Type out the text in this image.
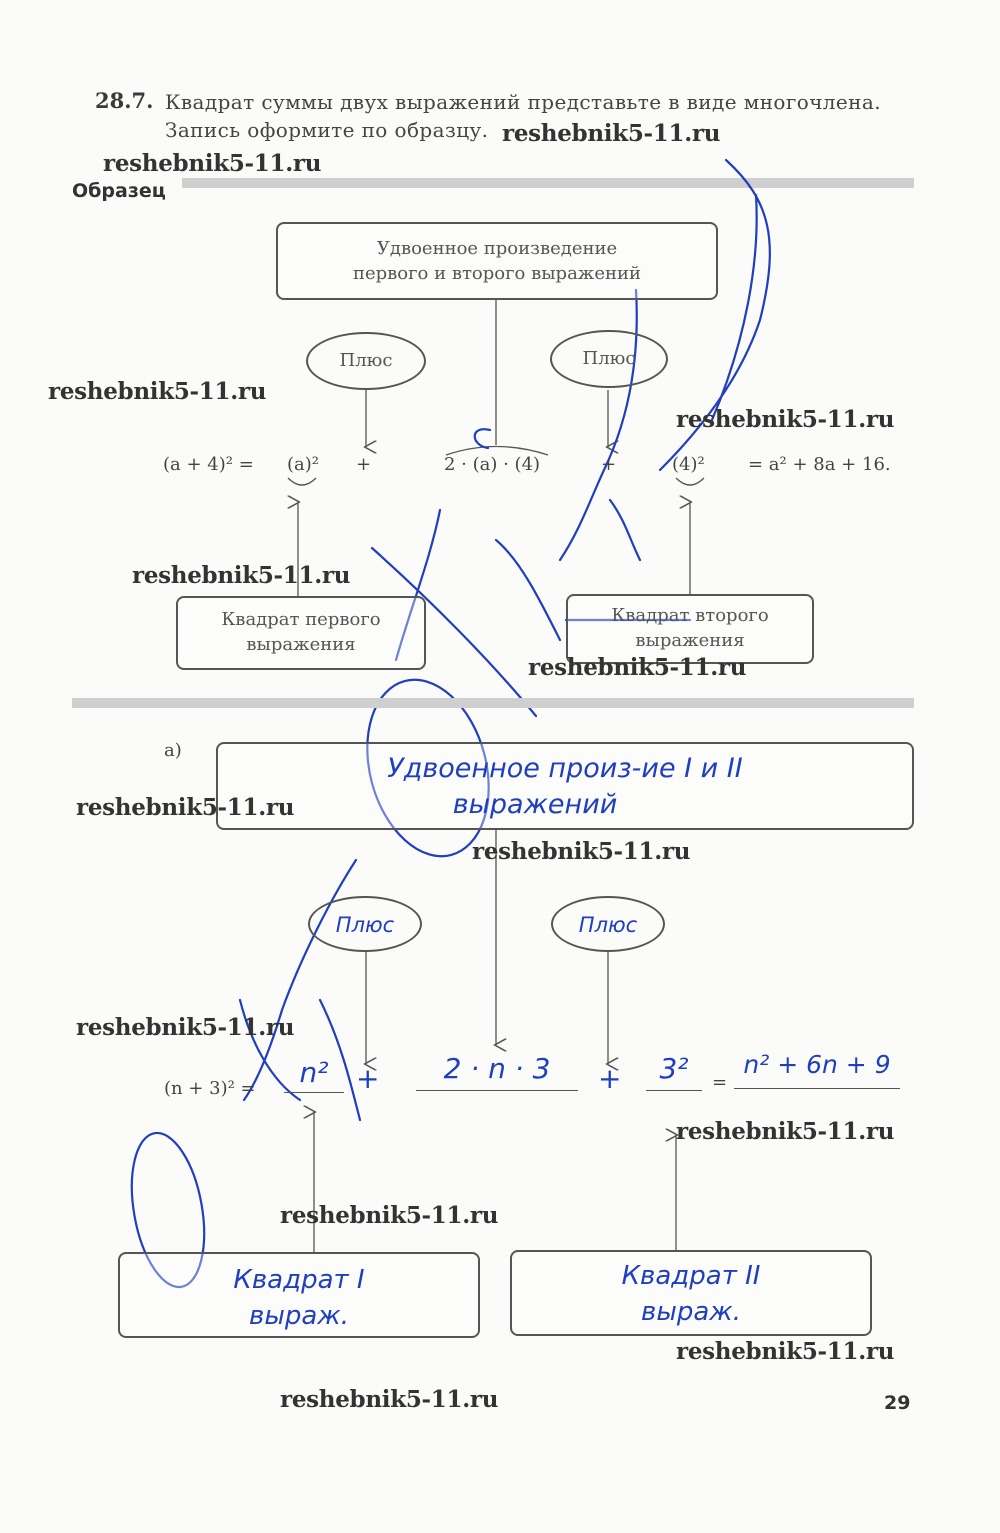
28.7. Квадрат суммы двух выражений представьте в виде многочлена.
Запись оформите по образцу.
Образец
Удвоенное произведение
первого и второго выражений
Плюс	Плюс
(a + 4)² = (a)² +	2 · (a) · (4)	+	(4)² = a² + 8a + 16.
Квадрат первого
выражения
Квадрат второго
выражения
а)
Удвоенное произ-ие I и II
выражений
Плюс	Плюс
(n + 3)² =	n² +	2 · n · 3	+	3²	=
n² + 6n + 9
Квадрат I
выраж.
Квадрат II
выраж.
reshebnik5-11.ru
reshebnik5-11.ru
reshebnik5-11.ru
reshebnik5-11.ru
reshebnik5-11.ru
reshebnik5-11.ru
reshebnik5-11.ru
reshebnik5-11.ru
reshebnik5-11.ru
reshebnik5-11.ru
reshebnik5-11.ru
reshebnik5-11.ru
reshebnik5-11.ru	29
